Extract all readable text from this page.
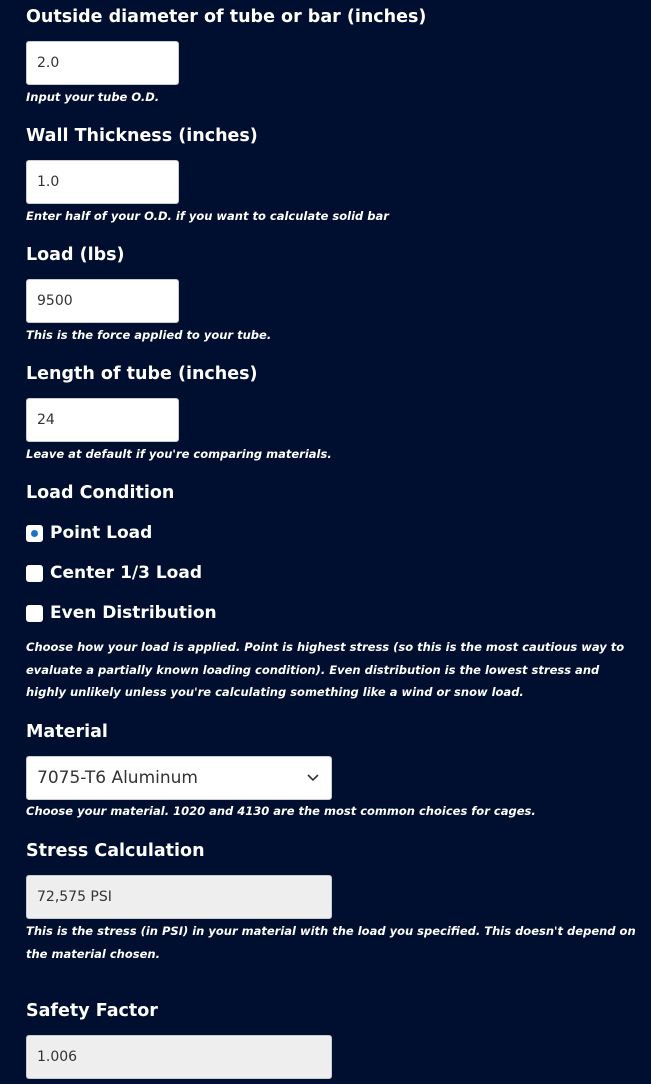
Outside diameter of tube or bar (inches)
2.0
Input your tube O.D.
Wall Thickness (inches)
1.0
Enter half of your O.D. if you want to calculate solid bar
Load (lbs)
9500
This is the force applied to your tube.
Length of tube (inches)
24
Leave at default if you're comparing materials.
Load Condition
Point Load
Center 1/3 Load
Even Distribution
Choose how your load is applied. Point is highest stress (so this is the most cautious way to evaluate a partially known loading condition). Even distribution is the lowest stress and highly unlikely unless you're calculating something like a wind or snow load.
Material
7075-T6 Aluminum
Choose your material. 1020 and 4130 are the most common choices for cages.
Stress Calculation
72,575 PSI
This is the stress (in PSI) in your material with the load you specified. This doesn't depend on the material chosen.
Safety Factor
1.006
